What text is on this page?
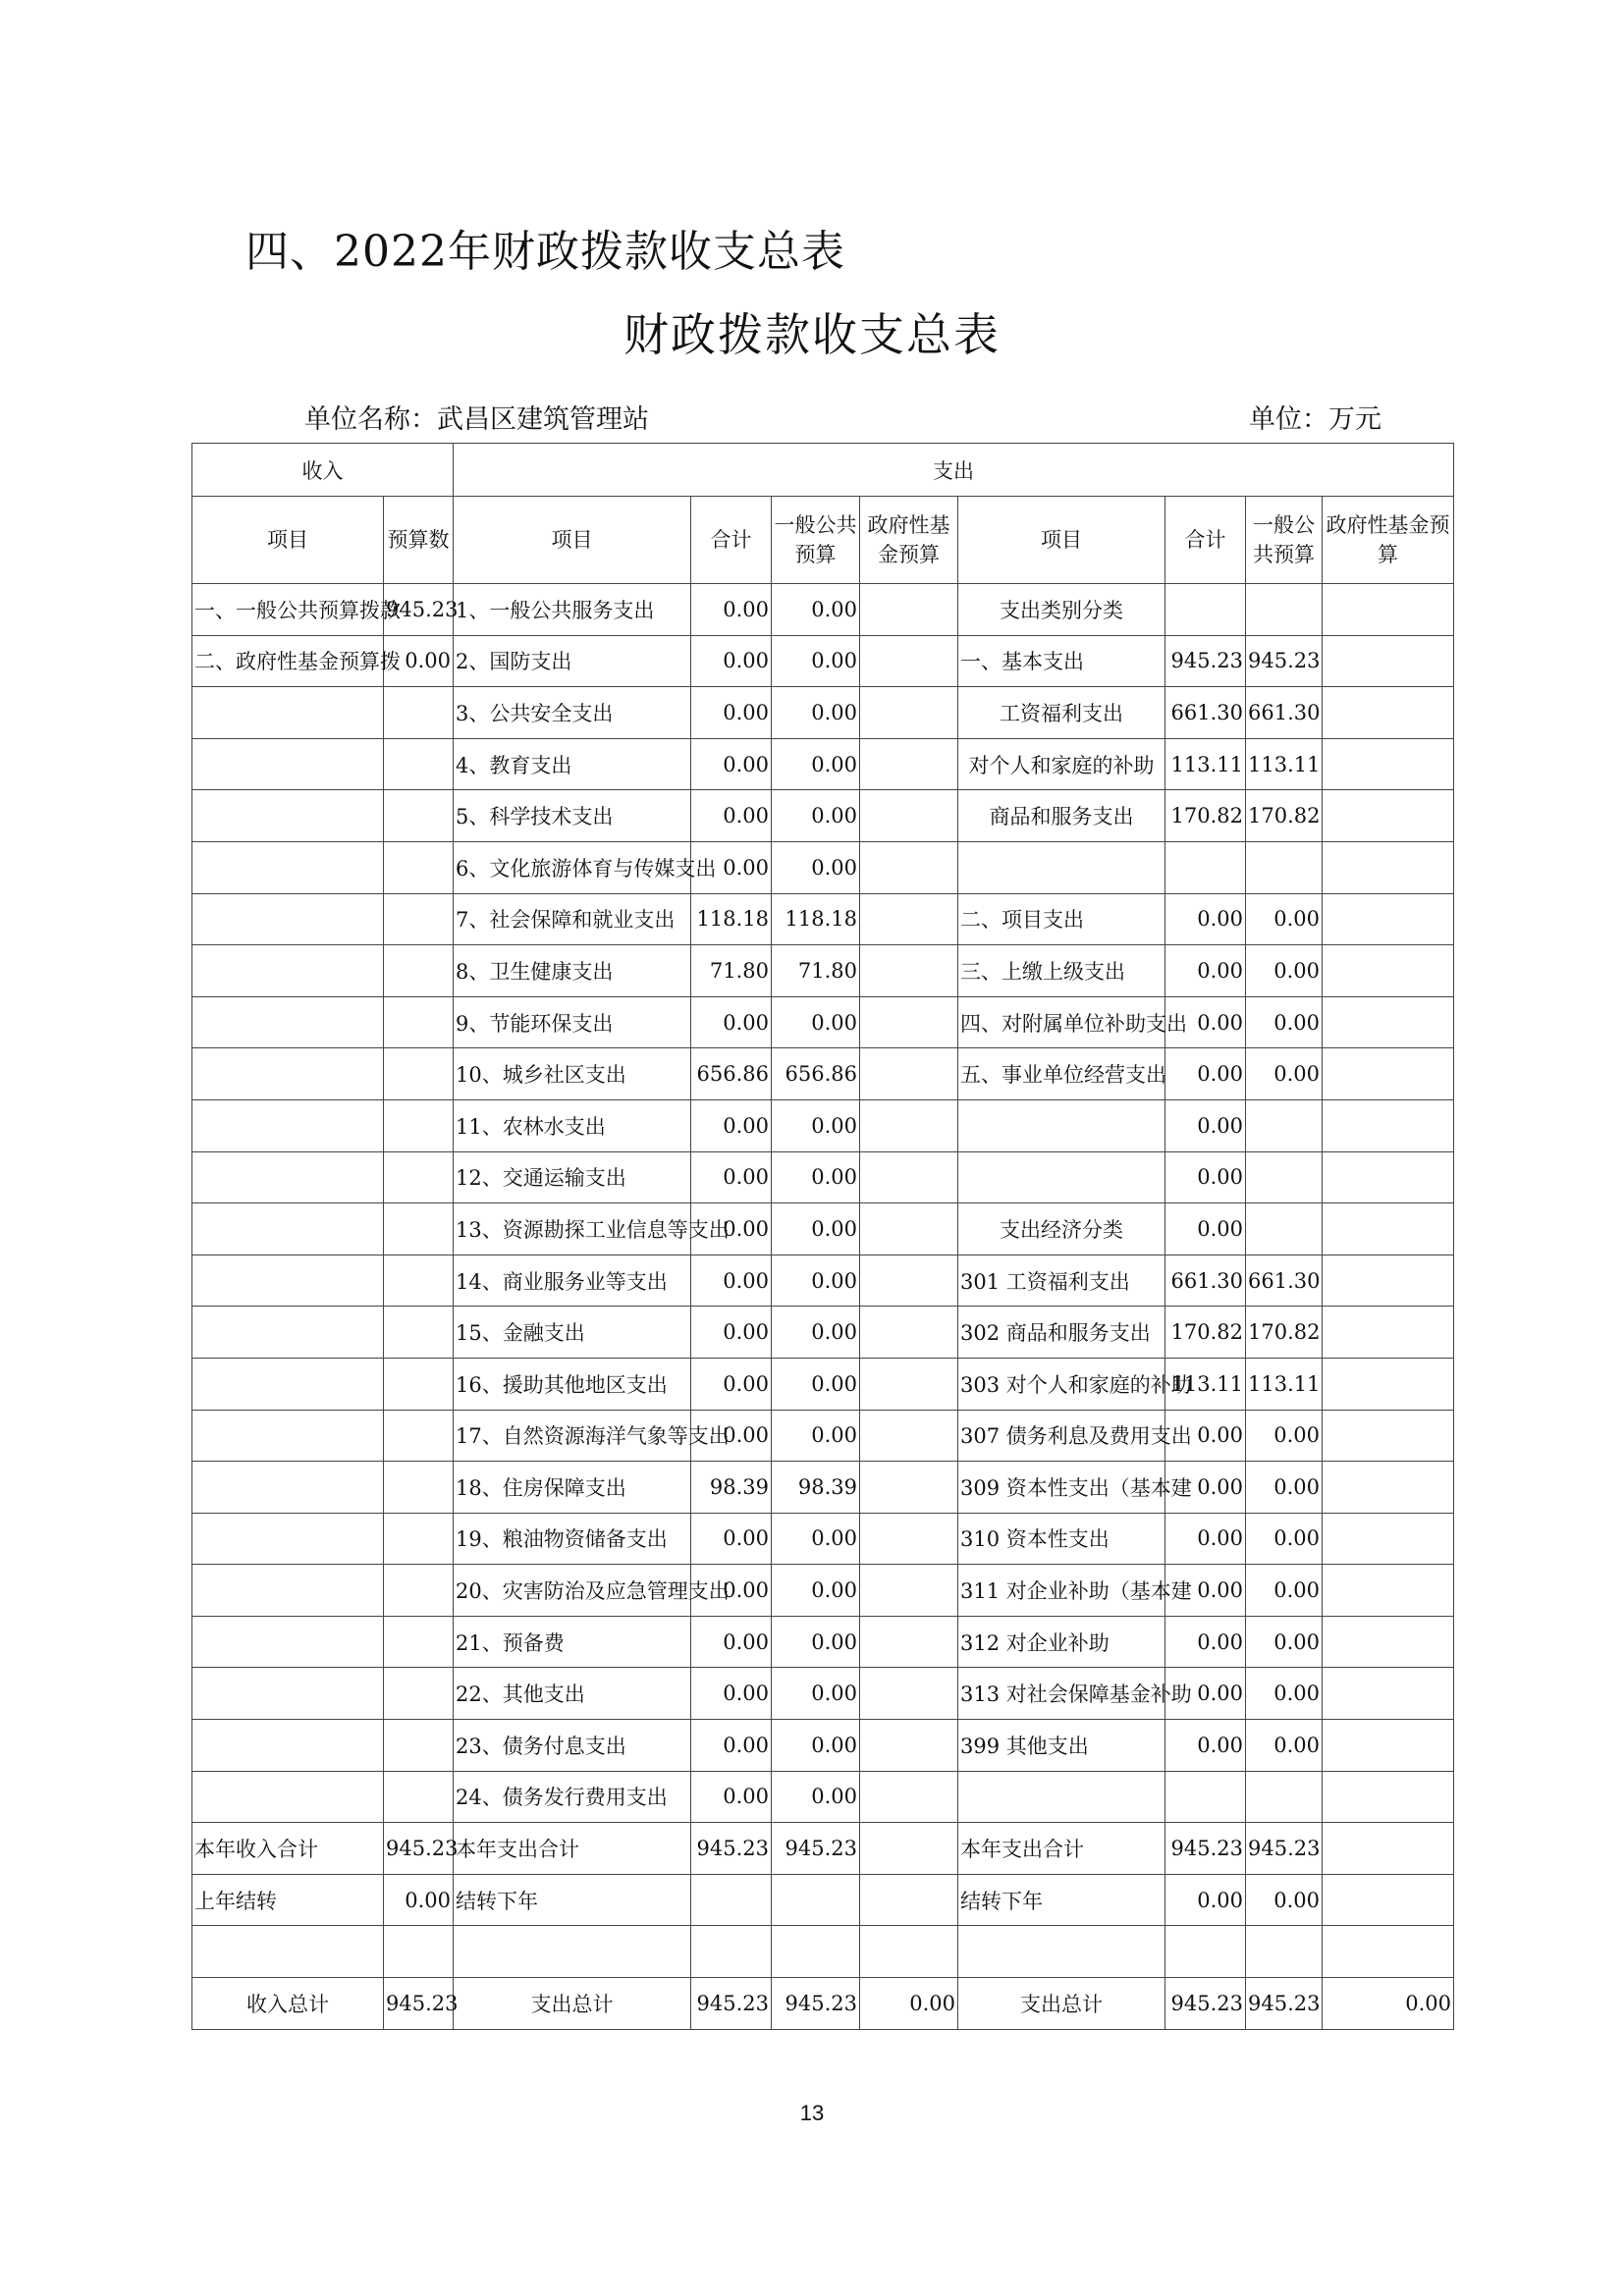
四、2022年财政拨款收支总表
财政拨款收支总表
单位名称：武昌区建筑管理站	单位：万元
收入		支出							
项目	预算数	项目	合计	一般公共预算	政府性基金预算	项目	合计	一般公共预算	政府性基金预算
一、一般公共预算拨款	945.23	1、一般公共服务支出	0.00	0.00		支出类别分类			
二、政府性基金预算拨	0.00	2、国防支出	0.00	0.00		一、基本支出	945.23	945.23	
		3、公共安全支出	0.00	0.00		工资福利支出	661.30	661.30	
		4、教育支出	0.00	0.00		对个人和家庭的补助	113.11	113.11	
		5、科学技术支出	0.00	0.00		商品和服务支出	170.82	170.82	
		6、文化旅游体育与传媒支出	0.00	0.00					
		7、社会保障和就业支出	118.18	118.18		二、项目支出	0.00	0.00	
		8、卫生健康支出	71.80	71.80		三、上缴上级支出	0.00	0.00	
		9、节能环保支出	0.00	0.00		四、对附属单位补助支出	0.00	0.00	
		10、城乡社区支出	656.86	656.86		五、事业单位经营支出	0.00	0.00	
		11、农林水支出	0.00	0.00			0.00		
		12、交通运输支出	0.00	0.00			0.00		
		13、资源勘探工业信息等支出	0.00	0.00		支出经济分类	0.00		
		14、商业服务业等支出	0.00	0.00		301 工资福利支出	661.30	661.30	
		15、金融支出	0.00	0.00		302 商品和服务支出	170.82	170.82	
		16、援助其他地区支出	0.00	0.00		303 对个人和家庭的补助	113.11	113.11	
		17、自然资源海洋气象等支出	0.00	0.00		307 债务利息及费用支出	0.00	0.00	
		18、住房保障支出	98.39	98.39		309 资本性支出（基本建	0.00	0.00	
		19、粮油物资储备支出	0.00	0.00		310 资本性支出	0.00	0.00	
		20、灾害防治及应急管理支出	0.00	0.00		311 对企业补助（基本建	0.00	0.00	
		21、预备费	0.00	0.00		312 对企业补助	0.00	0.00	
		22、其他支出	0.00	0.00		313 对社会保障基金补助	0.00	0.00	
		23、债务付息支出	0.00	0.00		399 其他支出	0.00	0.00	
		24、债务发行费用支出	0.00	0.00					
本年收入合计	945.23	本年支出合计	945.23	945.23		本年支出合计	945.23	945.23	
上年结转	0.00	结转下年				结转下年	0.00	0.00	

收入总计	945.23	支出总计	945.23	945.23	0.00	支出总计	945.23	945.23	0.00
13
